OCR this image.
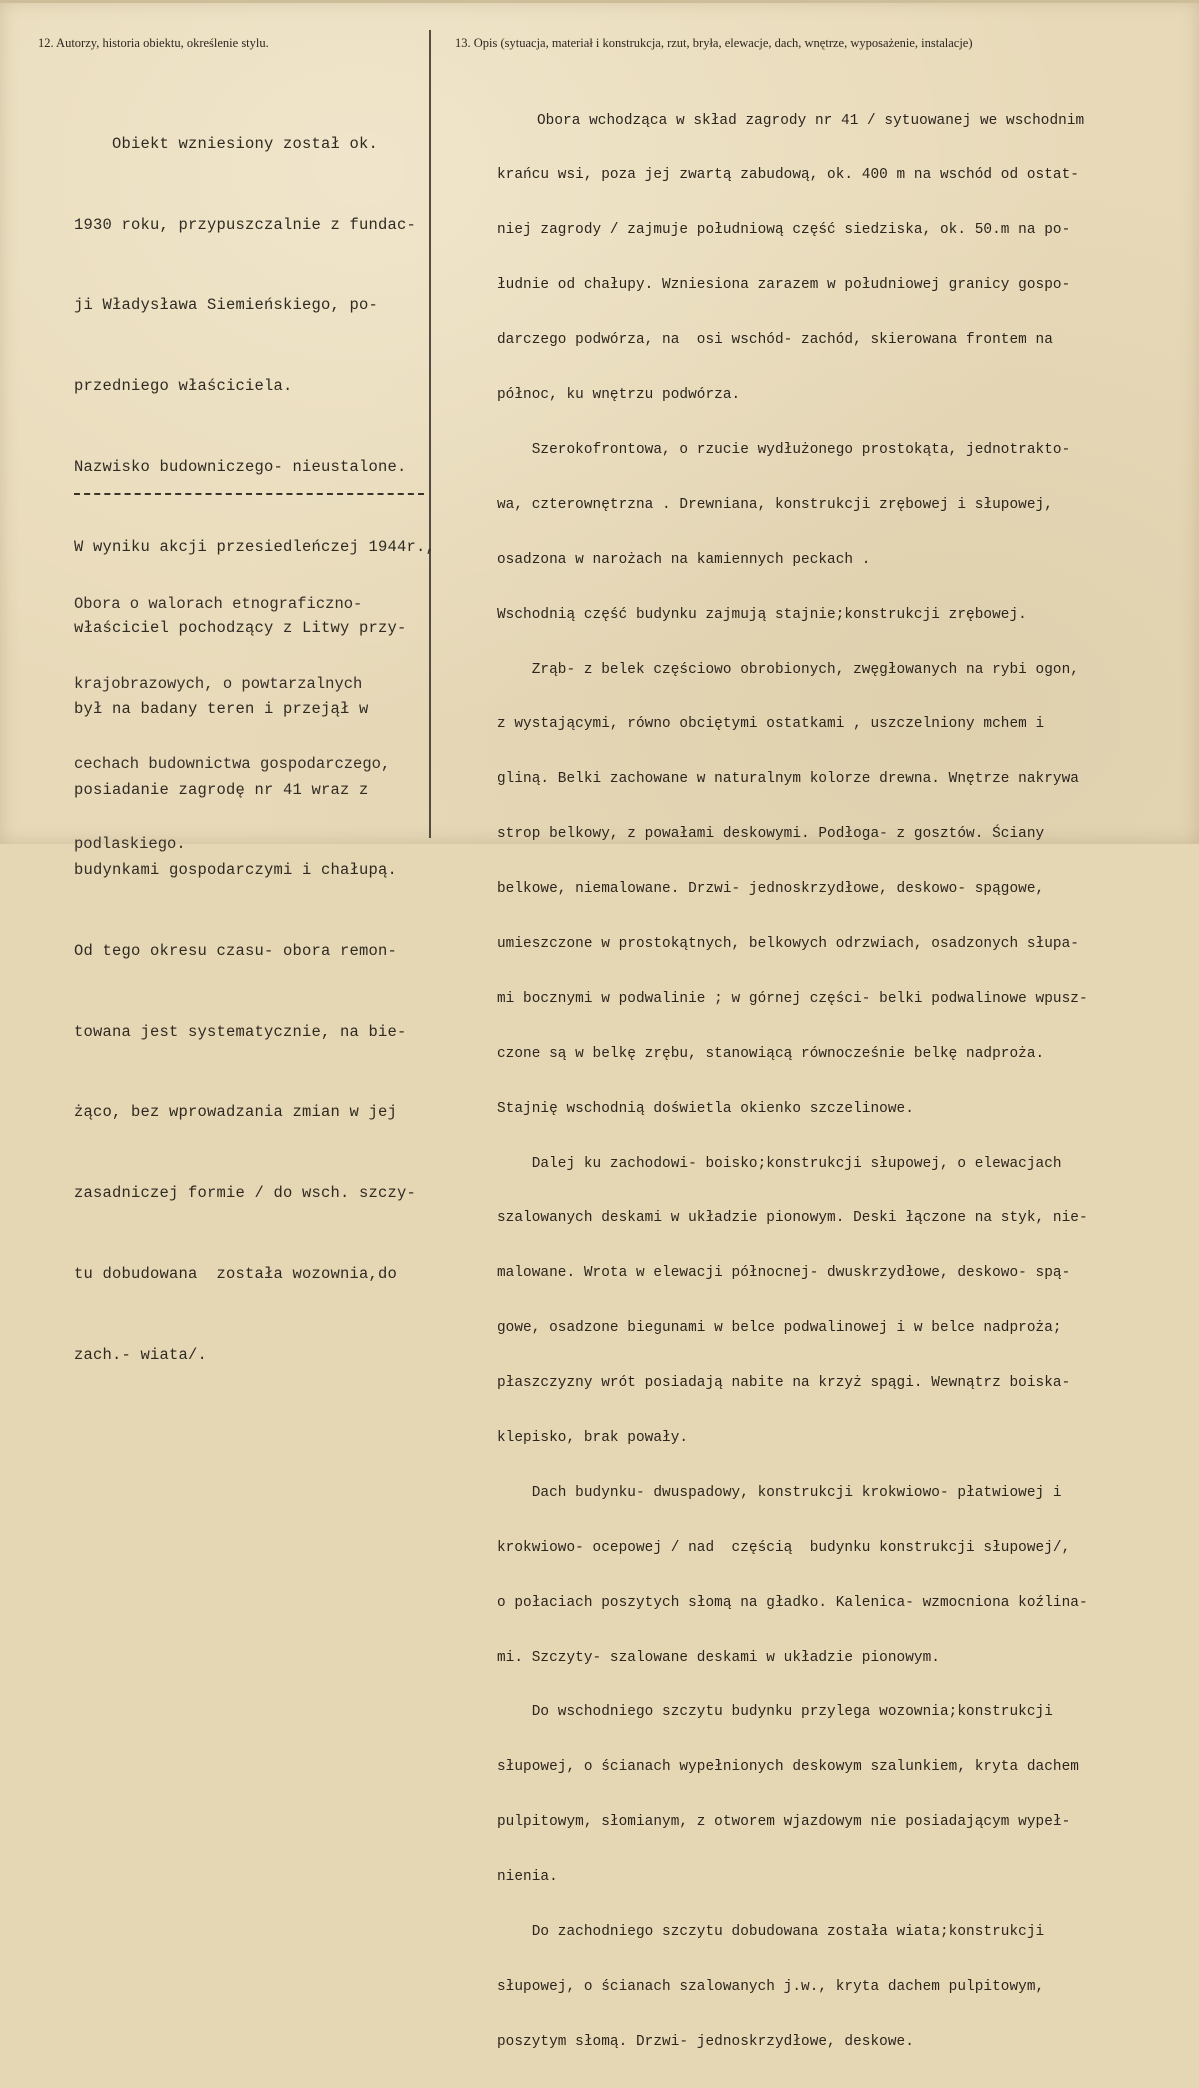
12. Autorzy, historia obiektu, określenie stylu.	13. Opis (sytuacja, materiał i konstrukcja, rzut, bryła, elewacje, dach, wnętrze, wyposażenie, instalacje)

Obiekt wzniesiony został ok.

1930 roku, przypuszczalnie z fundac-

ji Władysława Siemieńskiego, po-

przedniego właściciela.

Nazwisko budowniczego- nieustalone.

W wyniku akcji przesiedleńczej 1944r.,

właściciel pochodzący z Litwy przy-

był na badany teren i przejął w

posiadanie zagrodę nr 41 wraz z

budynkami gospodarczymi i chałupą.

Od tego okresu czasu- obora remon-

towana jest systematycznie, na bie-

żąco, bez wprowadzania zmian w jej

zasadniczej formie / do wsch. szczy-

tu dobudowana  została wozownia,do

zach.- wiata/.

Obora o walorach etnograficzno-

krajobrazowych, o powtarzalnych

cechach budownictwa gospodarczego,

podlaskiego.

Obora wchodząca w skład zagrody nr 41 / sytuowanej we wschodnim

krańcu wsi, poza jej zwartą zabudową, ok. 400 m na wschód od ostat-

niej zagrody / zajmuje południową część siedziska, ok. 50.m na po-

łudnie od chałupy. Wzniesiona zarazem w południowej granicy gospo-

darczego podwórza, na  osi wschód- zachód, skierowana frontem na

północ, ku wnętrzu podwórza.

Szerokofrontowa, o rzucie wydłużonego prostokąta, jednotrakto-

wa, czterownętrzna . Drewniana, konstrukcji zrębowej i słupowej,

osadzona w narożach na kamiennych peckach .

Wschodnią część budynku zajmują stajnie;konstrukcji zrębowej.

Zrąb- z belek częściowo obrobionych, zwęgłowanych na rybi ogon,

z wystającymi, równo obciętymi ostatkami , uszczelniony mchem i

gliną. Belki zachowane w naturalnym kolorze drewna. Wnętrze nakrywa

strop belkowy, z powałami deskowymi. Podłoga- z gosztów. Ściany

belkowe, niemalowane. Drzwi- jednoskrzydłowe, deskowo- spągowe,

umieszczone w prostokątnych, belkowych odrzwiach, osadzonych słupa-

mi bocznymi w podwalinie ; w górnej części- belki podwalinowe wpusz-

czone są w belkę zrębu, stanowiącą równocześnie belkę nadproża.

Stajnię wschodnią doświetla okienko szczelinowe.

Dalej ku zachodowi- boisko;konstrukcji słupowej, o elewacjach

szalowanych deskami w układzie pionowym. Deski łączone na styk, nie-

malowane. Wrota w elewacji północnej- dwuskrzydłowe, deskowo- spą-

gowe, osadzone biegunami w belce podwalinowej i w belce nadproża;

płaszczyzny wrót posiadają nabite na krzyż spągi. Wewnątrz boiska-

klepisko, brak powały.

Dach budynku- dwuspadowy, konstrukcji krokwiowo- płatwiowej i

krokwiowo- ocepowej / nad  częścią  budynku konstrukcji słupowej/,

o połaciach poszytych słomą na gładko. Kalenica- wzmocniona koźlina-

mi. Szczyty- szalowane deskami w układzie pionowym.

Do wschodniego szczytu budynku przylega wozownia;konstrukcji

słupowej, o ścianach wypełnionych deskowym szalunkiem, kryta dachem

pulpitowym, słomianym, z otworem wjazdowym nie posiadającym wypeł-

nienia.

Do zachodniego szczytu dobudowana została wiata;konstrukcji

słupowej, o ścianach szalowanych j.w., kryta dachem pulpitowym,

poszytym słomą. Drzwi- jednoskrzydłowe, deskowe.
